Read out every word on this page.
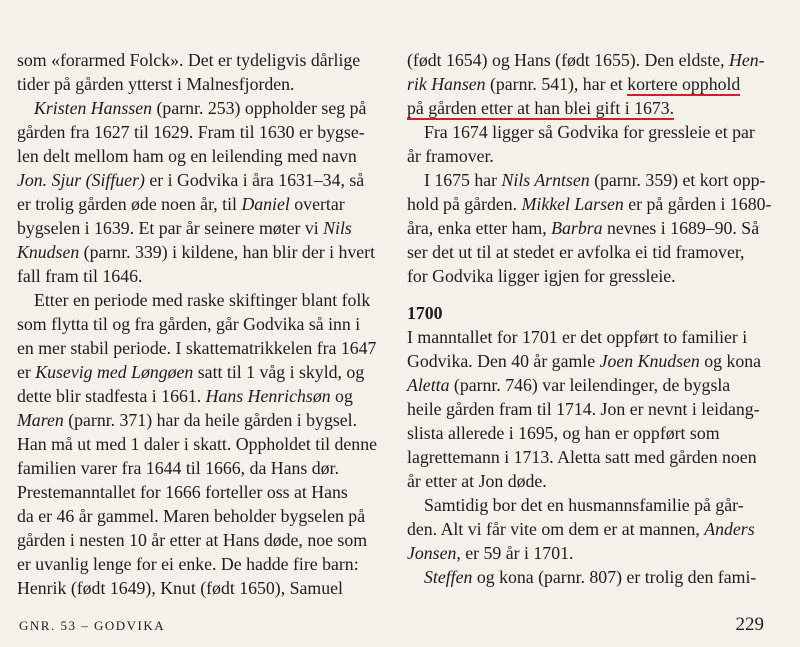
som «forarmed Folck». Det er tydeligvis dårlige
tider på gården ytterst i Malnesfjorden.
Kristen Hanssen (parnr. 253) oppholder seg på
gården fra 1627 til 1629. Fram til 1630 er bygse-
len delt mellom ham og en leilending med navn
Jon. Sjur (Siffuer) er i Godvika i åra 1631–34, så
er trolig gården øde noen år, til Daniel overtar
bygselen i 1639. Et par år seinere møter vi Nils
Knudsen (parnr. 339) i kildene, han blir der i hvert
fall fram til 1646.
Etter en periode med raske skiftinger blant folk
som flytta til og fra gården, går Godvika så inn i
en mer stabil periode. I skattematrikkelen fra 1647
er Kusevig med Løngøen satt til 1 våg i skyld, og
dette blir stadfesta i 1661. Hans Henrichsøn og
Maren (parnr. 371) har da heile gården i bygsel.
Han må ut med 1 daler i skatt. Oppholdet til denne
familien varer fra 1644 til 1666, da Hans dør.
Prestemanntallet for 1666 forteller oss at Hans
da er 46 år gammel. Maren beholder bygselen på
gården i nesten 10 år etter at Hans døde, noe som
er uvanlig lenge for ei enke. De hadde fire barn:
Henrik (født 1649), Knut (født 1650), Samuel
(født 1654) og Hans (født 1655). Den eldste, Hen-
rik Hansen (parnr. 541), har et kortere opphold
på gården etter at han blei gift i 1673.
Fra 1674 ligger så Godvika for gressleie et par
år framover.
I 1675 har Nils Arntsen (parnr. 359) et kort opp-
hold på gården. Mikkel Larsen er på gården i 1680-
åra, enka etter ham, Barbra nevnes i 1689–90. Så
ser det ut til at stedet er avfolka ei tid framover,
for Godvika ligger igjen for gressleie.
1700
I manntallet for 1701 er det oppført to familier i
Godvika. Den 40 år gamle Joen Knudsen og kona
Aletta (parnr. 746) var leilendinger, de bygsla
heile gården fram til 1714. Jon er nevnt i leidang-
slista allerede i 1695, og han er oppført som
lagrettemann i 1713. Aletta satt med gården noen
år etter at Jon døde.
Samtidig bor det en husmannsfamilie på går-
den. Alt vi får vite om dem er at mannen, Anders
Jonsen, er 59 år i 1701.
Steffen og kona (parnr. 807) er trolig den fami-
GNR. 53 – GODVIKA	229
